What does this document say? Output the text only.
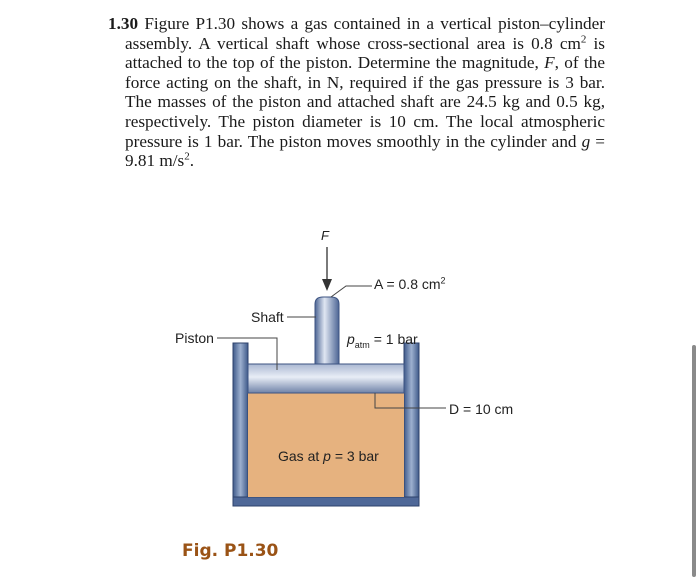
1.30 Figure P1.30 shows a gas contained in a vertical piston–cylinder assembly. A vertical shaft whose cross-sectional area is 0.8 $cm^2$ is attached to the top of the piston. Determine the magnitude, F, of the force acting on the shaft, in N, required if the gas pressure is 3 bar. The masses of the piston and attached shaft are 24.5 kg and 0.5 kg, respectively. The piston diameter is 10 cm. The local atmospheric pressure is 1 bar. The piston moves smoothly in the cylinder and g = 9.81 $m/s^2$.
F
A = 0.8 $cm^2$
Shaft
Piston	$p_{atm} = 1$ bar
D = 10 cm
Gas at p = 3 bar
Fig. P1.30
